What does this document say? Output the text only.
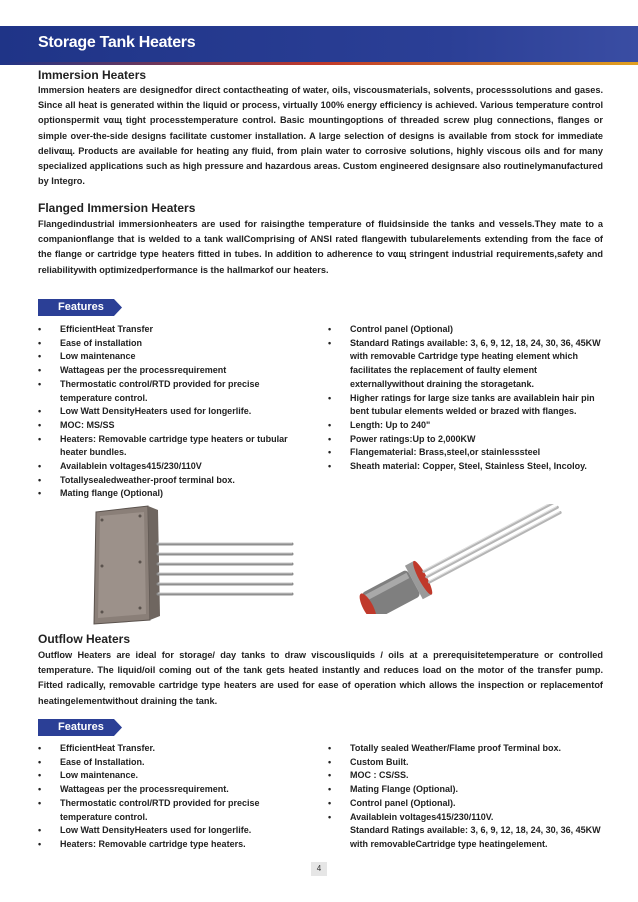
Storage Tank Heaters
Immersion Heaters
Immersion heaters are designedfor direct contactheating of water, oils, viscousmaterials, solvents, processsolutions and gases. Since all heat is generated within the liquid or process, virtually 100% energy efficiency is achieved. Various temperature control optionspermit vαщ tight processtemperature control. Basic mountingoptions of threaded screw plug connections, flanges or simple over-the-side designs facilitate customer installation. A large selection of designs is available from stock for immediate delivαщ. Products are available for heating any fluid, from plain water to corrosive solutions, highly viscous oils and for many specialized applications such as high pressure and hazardous areas. Custom engineered designsare also routinelymanufactured by Integro.
Flanged Immersion Heaters
Flangedindustrial immersionheaters are used for raisingthe temperature of fluidsinside the tanks and vessels.They mate to a companionflange that is welded to a tank wallComprising of ANSI rated flangewith tubularelements extending from the face of the flange or cartridge type heaters fitted in tubes. In addition to adherence to vαщ stringent industrial requirements,safety and reliabilitywith optimizedperformance is the hallmarkof our heaters.
Features
• EfficientHeat Transfer
• Ease of installation
• Low maintenance
• Wattageas per the processrequirement
• Thermostatic control/RTD provided for precise temperature control.
• Low Watt DensityHeaters used for longerlife.
• MOC: MS/SS
• Heaters: Removable cartridge type heaters or tubular heater bundles.
• Availablein voltages415/230/110V
• Totallysealedweather-proof terminal box.
• Mating flange (Optional)
• Control panel (Optional)
• Standard Ratings available: 3, 6, 9, 12, 18, 24, 30, 36, 45KW with removable Cartridge type heating element which facilitates the replacement of faulty element externallywithout draining the storagetank.
• Higher ratings for large size tanks are availablein hair pin bent tubular elements welded or brazed with flanges.
• Length: Up to 240"
• Power ratings:Up to 2,000KW
• Flangematerial: Brass,steel,or stainlesssteel
• Sheath material: Copper, Steel, Stainless Steel, Incoloy.
Outflow Heaters
Outflow Heaters are ideal for storage/ day tanks to draw viscousliquids / oils at a prerequisitetemperature or controlled temperature. The liquid/oil coming out of the tank gets heated instantly and reduces load on the motor of the transfer pump. Fitted radically, removable cartridge type heaters are used for ease of operation which allows the inspection or replacementof heatingelementwithout draining the tank.
Features
• EfficientHeat Transfer.
• Ease of Installation.
• Low maintenance.
• Wattageas per the processrequirement.
• Thermostatic control/RTD provided for precise temperature control.
• Low Watt DensityHeaters used for longerlife.
• Heaters: Removable cartridge type heaters.
• Totally sealed Weather/Flame proof Terminal box.
• Custom Built.
• MOC : CS/SS.
• Mating Flange (Optional).
• Control panel (Optional).
• Availablein voltages415/230/110V.
Standard Ratings available: 3, 6, 9, 12, 18, 24, 30, 36, 45KW with removableCartridge type heatingelement.
4
